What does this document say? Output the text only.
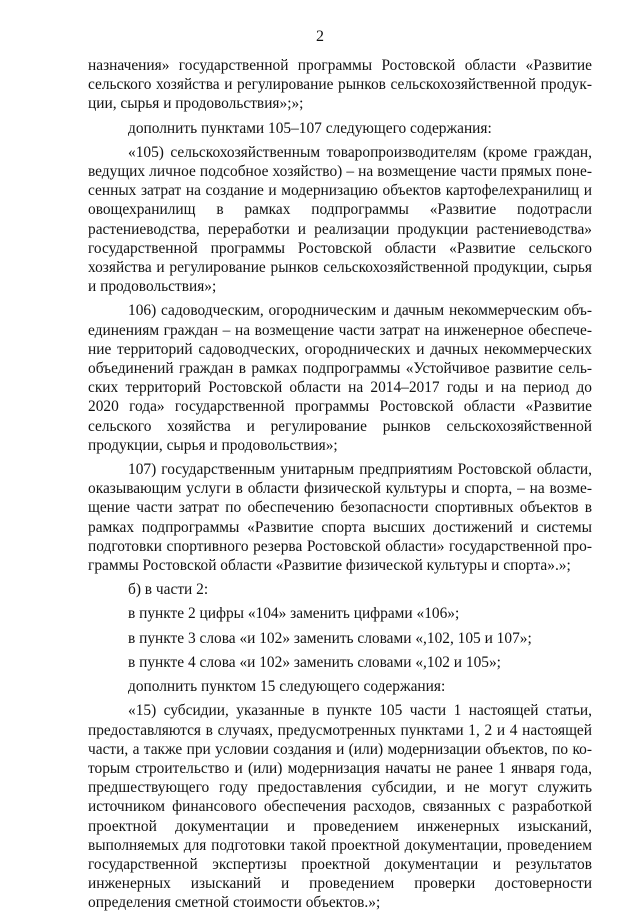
2

назначения» государственной программы Ростовской области «Развитие сельского хозяйства и регулирование рынков сельскохозяйственной продукции, сырья и продовольствия»;»;

дополнить пунктами 105–107 следующего содержания:

«105) сельскохозяйственным товаропроизводителям (кроме граждан, ведущих личное подсобное хозяйство) – на возмещение части прямых понесенных затрат на создание и модернизацию объектов картофелехранилищ и овощехранилищ в рамках подпрограммы «Развитие подотрасли растениеводства, переработки и реализации продукции растениеводства» государственной программы Ростовской области «Развитие сельского хозяйства и регулирование рынков сельскохозяйственной продукции, сырья и продовольствия»;

106) садоводческим, огородническим и дачным некоммерческим объединениям граждан – на возмещение части затрат на инженерное обеспечение территорий садоводческих, огороднических и дачных некоммерческих объединений граждан в рамках подпрограммы «Устойчивое развитие сельских территорий Ростовской области на 2014–2017 годы и на период до 2020 года» государственной программы Ростовской области «Развитие сельского хозяйства и регулирование рынков сельскохозяйственной продукции, сырья и продовольствия»;

107) государственным унитарным предприятиям Ростовской области, оказывающим услуги в области физической культуры и спорта, – на возмещение части затрат по обеспечению безопасности спортивных объектов в рамках подпрограммы «Развитие спорта высших достижений и системы подготовки спортивного резерва Ростовской области» государственной программы Ростовской области «Развитие физической культуры и спорта».»;

б) в части 2:

в пункте 2 цифры «104» заменить цифрами «106»;

в пункте 3 слова «и 102» заменить словами «,102, 105 и 107»;

в пункте 4 слова «и 102» заменить словами «,102 и 105»;

дополнить пунктом 15 следующего содержания:

«15) субсидии, указанные в пункте 105 части 1 настоящей статьи, предоставляются в случаях, предусмотренных пунктами 1, 2 и 4 настоящей части, а также при условии создания и (или) модернизации объектов, по которым строительство и (или) модернизация начаты не ранее 1 января года, предшествующего году предоставления субсидии, и не могут служить источником финансового обеспечения расходов, связанных с разработкой проектной документации и проведением инженерных изысканий, выполняемых для подготовки такой проектной документации, проведением государственной экспертизы проектной документации и результатов инженерных изысканий и проведением проверки достоверности определения сметной стоимости объектов.»;
